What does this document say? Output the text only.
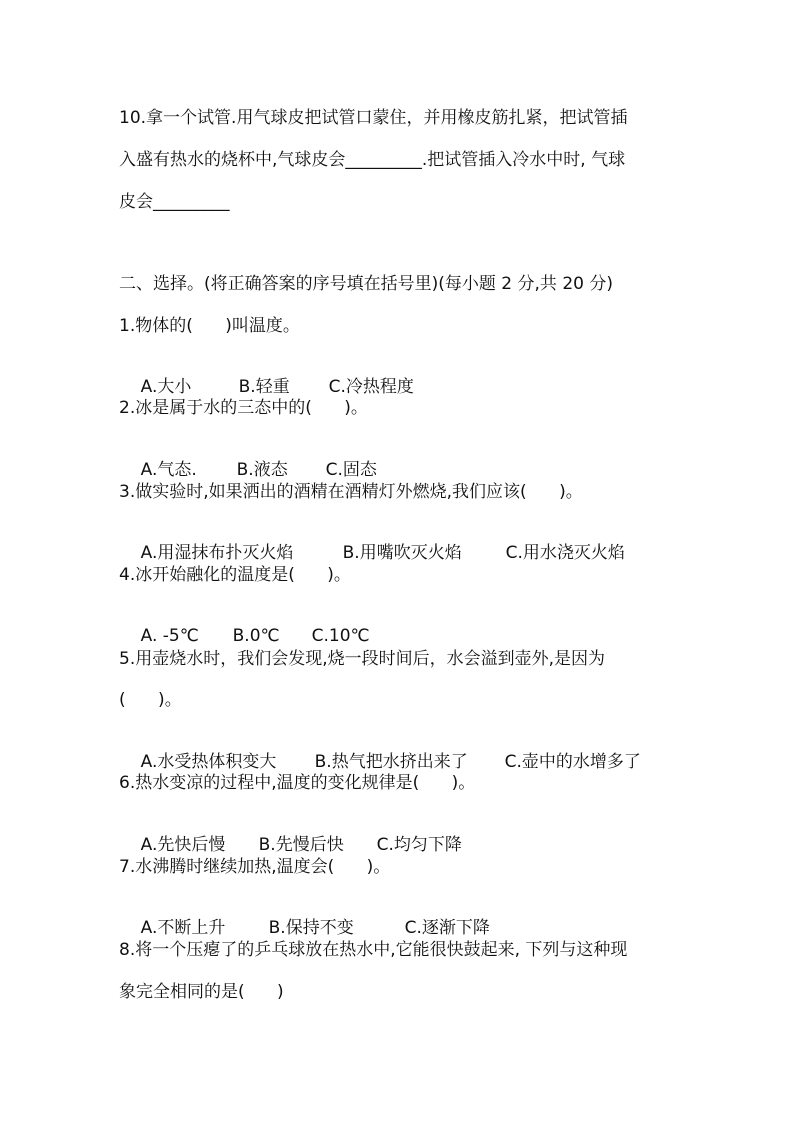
10.拿一个试管.用气球皮把试管口蒙住，并用橡皮筋扎紧，把试管插
入盛有热水的烧杯中,气球皮会_________.把试管插入冷水中时, 气球
皮会_________
二、选择。(将正确答案的序号填在括号里)(每小题 2 分,共 20 分)
1.物体的(      )叫温度。

A.大小	B.轻重 C.冷热程度

2.冰是属于水的三态中的(      )。

A.气态. B.液态 C.固态

3.做实验时,如果洒出的酒精在酒精灯外燃烧,我们应该(      )。

A.用湿抹布扑灭火焰	B.用嘴吹灭火焰	C.用水浇灭火焰

4.冰开始融化的温度是(      )。

A. -5℃ B.0℃ C.10℃

5.用壶烧水时，我们会发现,烧一段时间后，水会溢到壶外,是因为
(      )。

A.水受热体积变大 B.热气把水挤出来了 C.壶中的水增多了

6.热水变凉的过程中,温度的变化规律是(      )。

A.先快后慢 B.先慢后快 C.均匀下降

7.水沸腾时继续加热,温度会(      )。

A.不断上升	B.保持不变	C.逐渐下降

8.将一个压瘪了的乒乓球放在热水中,它能很快鼓起来, 下列与这种现
象完全相同的是(      )
